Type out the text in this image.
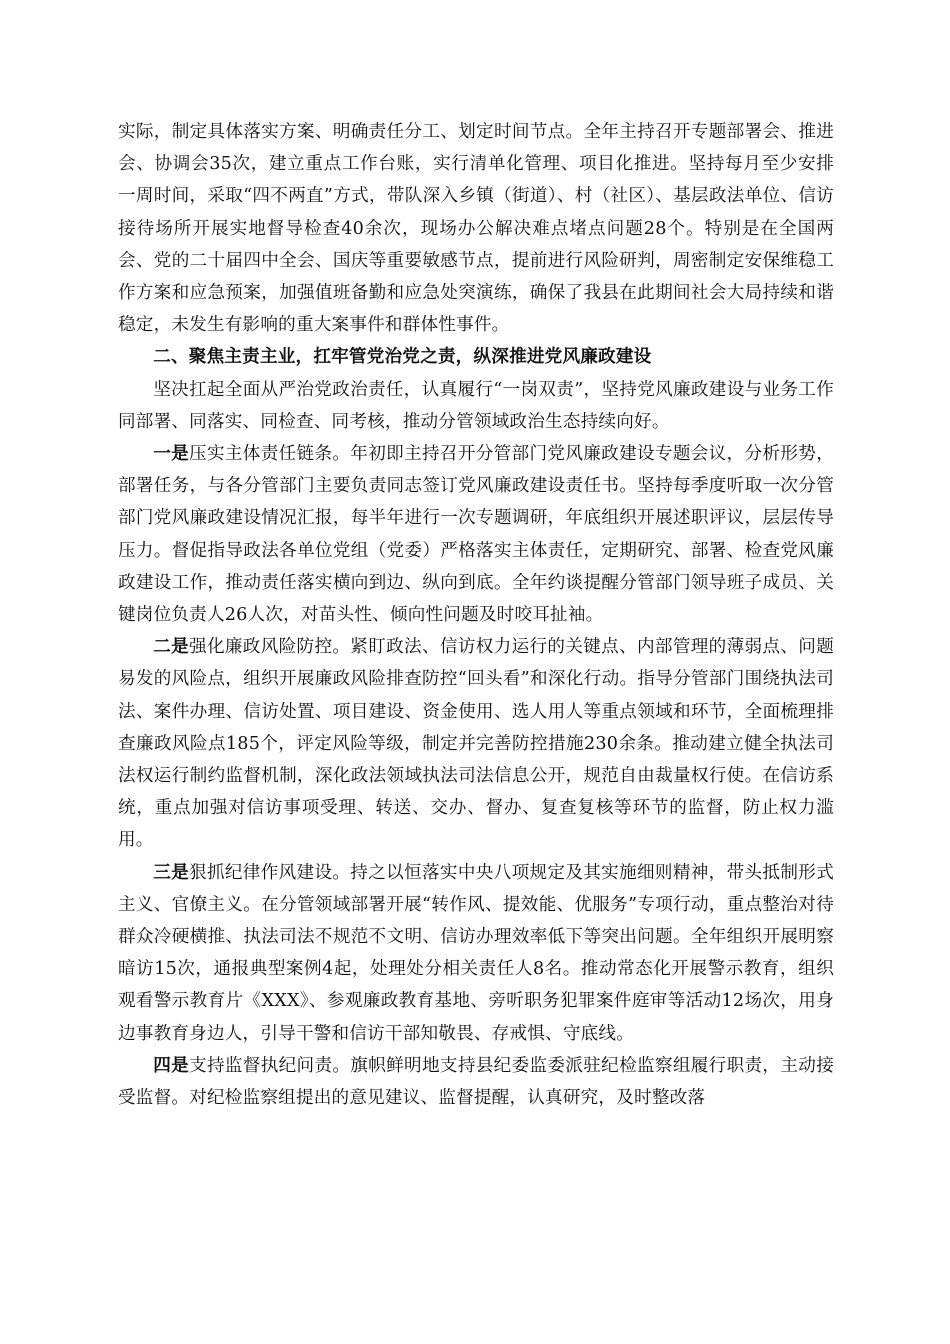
实际，制定具体落实方案、明确责任分工、划定时间节点。全年主持召开专题部署会、推进会、协调会35次，建立重点工作台账，实行清单化管理、项目化推进。坚持每月至少安排一周时间，采取“四不两直”方式，带队深入乡镇（街道）、村（社区）、基层政法单位、信访接待场所开展实地督导检查40余次，现场办公解决难点堵点问题28个。特别是在全国两会、党的二十届四中全会、国庆等重要敏感节点，提前进行风险研判，周密制定安保维稳工作方案和应急预案，加强值班备勤和应急处突演练，确保了我县在此期间社会大局持续和谐稳定，未发生有影响的重大案事件和群体性事件。

二、聚焦主责主业，扛牢管党治党之责，纵深推进党风廉政建设

坚决扛起全面从严治党政治责任，认真履行“一岗双责”，坚持党风廉政建设与业务工作同部署、同落实、同检查、同考核，推动分管领域政治生态持续向好。

一是压实主体责任链条。年初即主持召开分管部门党风廉政建设专题会议，分析形势，部署任务，与各分管部门主要负责同志签订党风廉政建设责任书。坚持每季度听取一次分管部门党风廉政建设情况汇报，每半年进行一次专题调研，年底组织开展述职评议，层层传导压力。督促指导政法各单位党组（党委）严格落实主体责任，定期研究、部署、检查党风廉政建设工作，推动责任落实横向到边、纵向到底。全年约谈提醒分管部门领导班子成员、关键岗位负责人26人次，对苗头性、倾向性问题及时咬耳扯袖。

二是强化廉政风险防控。紧盯政法、信访权力运行的关键点、内部管理的薄弱点、问题易发的风险点，组织开展廉政风险排查防控“回头看”和深化行动。指导分管部门围绕执法司法、案件办理、信访处置、项目建设、资金使用、选人用人等重点领域和环节，全面梳理排查廉政风险点185个，评定风险等级，制定并完善防控措施230余条。推动建立健全执法司法权运行制约监督机制，深化政法领域执法司法信息公开，规范自由裁量权行使。在信访系统，重点加强对信访事项受理、转送、交办、督办、复查复核等环节的监督，防止权力滥用。

三是狠抓纪律作风建设。持之以恒落实中央八项规定及其实施细则精神，带头抵制形式主义、官僚主义。在分管领域部署开展“转作风、提效能、优服务”专项行动，重点整治对待群众冷硬横推、执法司法不规范不文明、信访办理效率低下等突出问题。全年组织开展明察暗访15次，通报典型案例4起，处理处分相关责任人8名。推动常态化开展警示教育，组织观看警示教育片《XXX》、参观廉政教育基地、旁听职务犯罪案件庭审等活动12场次，用身边事教育身边人，引导干警和信访干部知敬畏、存戒惧、守底线。

四是支持监督执纪问责。旗帜鲜明地支持县纪委监委派驻纪检监察组履行职责，主动接受监督。对纪检监察组提出的意见建议、监督提醒，认真研究，及时整改落
